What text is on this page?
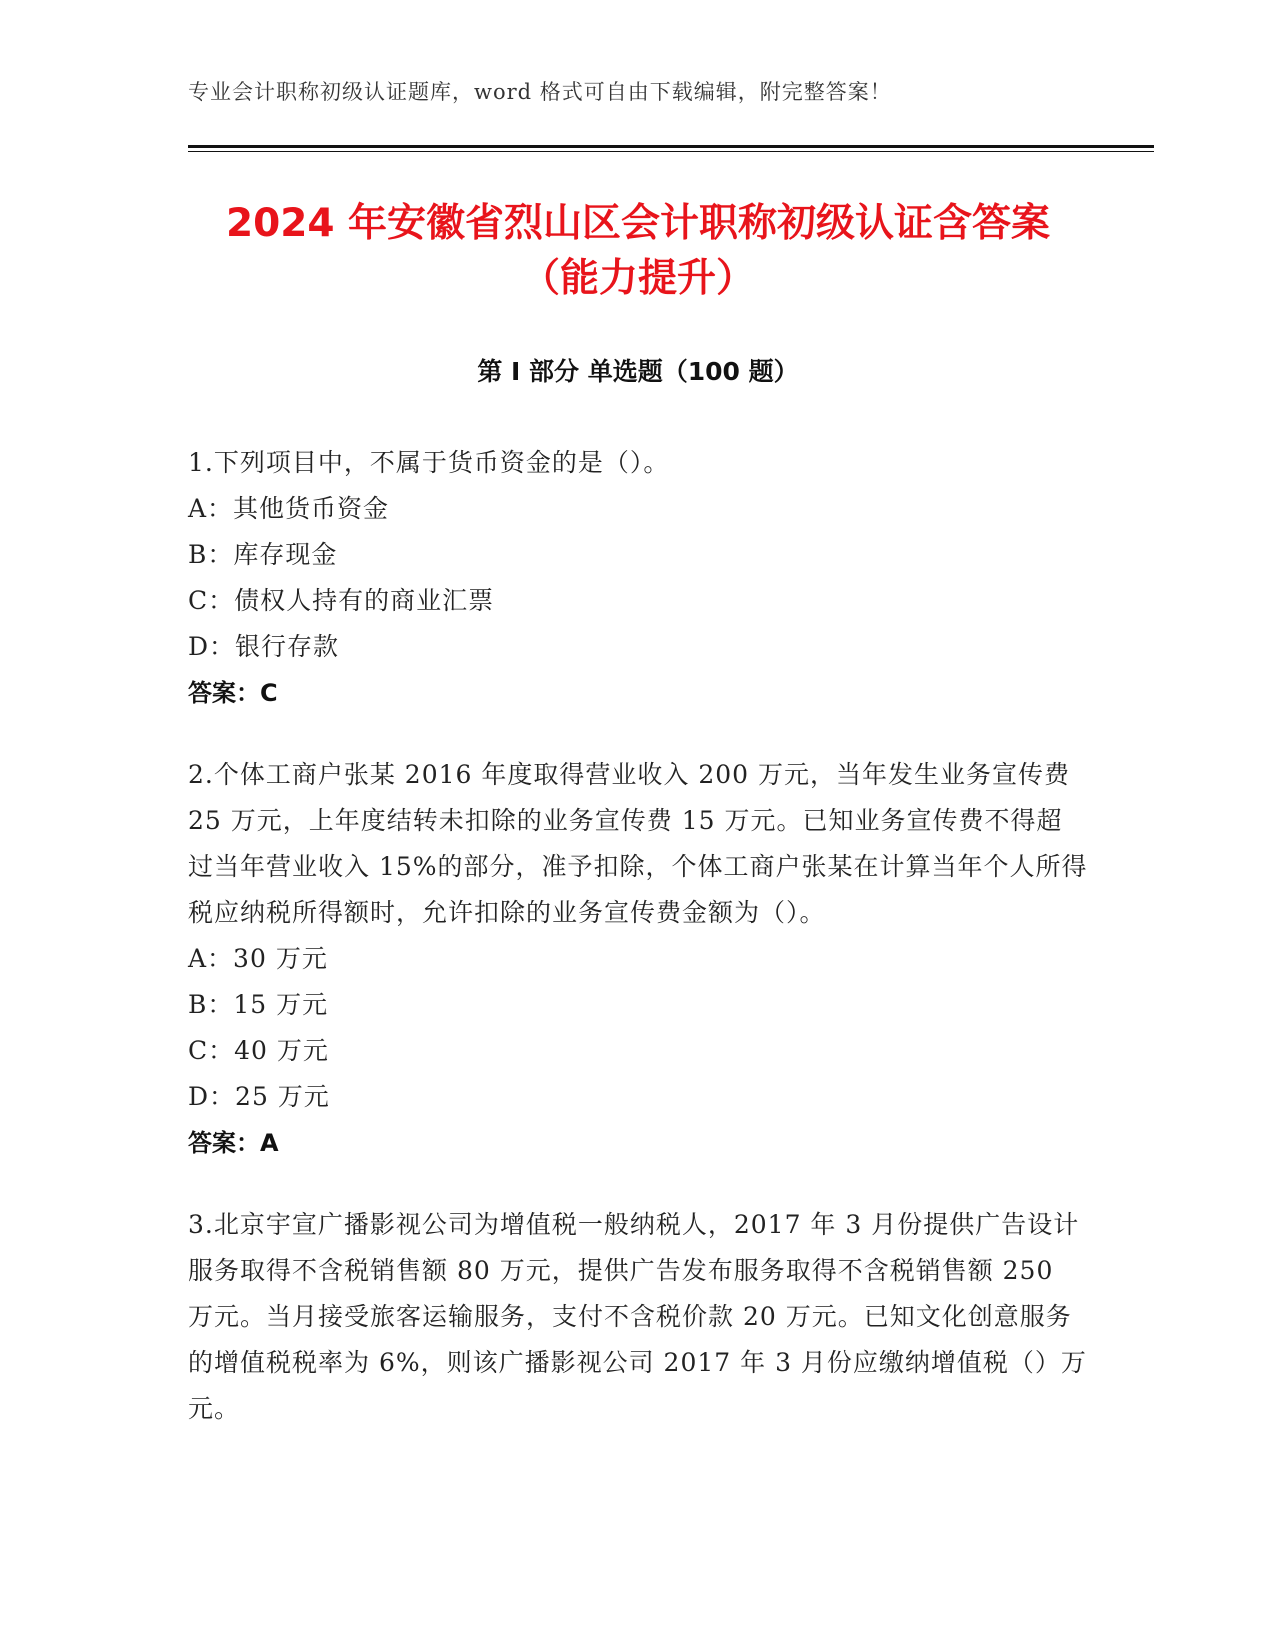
专业会计职称初级认证题库，word 格式可自由下载编辑，附完整答案！
2024 年安徽省烈山区会计职称初级认证含答案（能力提升）
第 I 部分 单选题（100 题）
1.下列项目中，不属于货币资金的是（）。
A：其他货币资金
B：库存现金
C：债权人持有的商业汇票
D：银行存款
答案：C
2.个体工商户张某 2016 年度取得营业收入 200 万元，当年发生业务宣传费 25 万元，上年度结转未扣除的业务宣传费 15 万元。已知业务宣传费不得超过当年营业收入 15%的部分，准予扣除，个体工商户张某在计算当年个人所得税应纳税所得额时，允许扣除的业务宣传费金额为（）。
A：30 万元
B：15 万元
C：40 万元
D：25 万元
答案：A
3.北京宇宣广播影视公司为增值税一般纳税人，2017 年 3 月份提供广告设计服务取得不含税销售额 80 万元，提供广告发布服务取得不含税销售额 250 万元。当月接受旅客运输服务，支付不含税价款 20 万元。已知文化创意服务的增值税税率为 6%，则该广播影视公司 2017 年 3 月份应缴纳增值税（）万元。
